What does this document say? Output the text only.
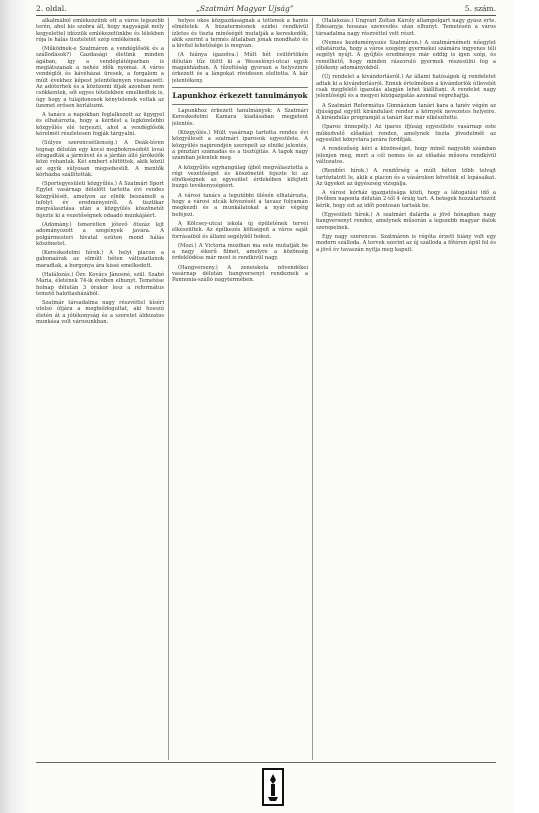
2. oldal.	„Szatmári Magyar Ujság”	5. szám.

alkalmából emlékezzünk ott a város legszebb terén, ahol kis szobra áll, hogy nagyságát mély kegyelettel idézzük emlékezetünkbe és lélekben rója le hálás tiszteletét szép emlékének.

(Működnek-e Szatmáron a vendéglősök és a szállodások?) Gazdasági életünk minden ágában, így a vendéglátóiparban is meglátszanak a nehéz idők nyomai. A város vendéglői és kávéházai üresek, a forgalom a múlt évekhez képest jelentékenyen visszaesett. Az adóterhek és a közüzemi díjak azonban nem csökkentek, sőt egyes tételekben emelkedtek is, úgy hogy a tulajdonosok kénytelenek voltak az üzemet erősen korlátozni.

A tanács a napokban foglalkozott az ügygyel és elhatározta, hogy a kérdést a legközelebbi közgyűlés elé terjeszti, ahol a vendéglősök kérelmét részletesen fogják tárgyalni.

(Súlyos szerencsétlenség.) A Deák-téren tegnap délután egy kocsi megbokrosodott lovai elragadták a járművet és a járdán álló járókelők közé rohantak. Két embert elütöttek, akik közül az egyik súlyosan megsebesült. A mentők kórházba szállították.

(Sportegyesületi közgyűlés.) A Szatmári Sport Egylet vasárnap délelőtt tartotta évi rendes közgyűlését, amelyen az elnök beszámolt a lefolyt év eredményeiről. A tisztikar megválasztása után a közgyűlés köszönetét fejezte ki a vezetőségnek odaadó munkájáért.

(Adomány.) Ismeretlen jótevő ötszáz lejt adományozott a szegények javára. A polgármesteri hivatal ezúton mond hálás köszönetet.

(Kereskedelmi hírek.) A helyi piacon a gabonaárak az elmúlt héten változatlanok maradtak, a burgonya ára kissé emelkedett.

(Halálozás.) Özv. Kovács Jánosné, szül. Szabó Mária, életének 74-ik évében elhunyt. Temetése holnap délután 3 órakor lesz a református temető halottasházából.

Szatmár társadalma nagy részvéttel kíséri utolsó útjára a megboldogultat, aki hosszú életén át a jótékonyság és a szeretet áldozatos munkása volt városunkban.

helyes okos közgazdaságnak a tétlenek a hamis elméletek. A búzatermésnek ezidei rendkívül ízletes és tiszta minőségét mutatják a kereskedők, akik szerint a termés általában jónak mondható és a kivitel lehetősége is megvan.

(A hiánya igazolva.) Múlt hét csütörtökén délután tűz ütött ki a Wesselényi-utcai egyik magánházban. A tűzoltóság gyorsan a helyszínre érkezett és a lángokat rövidesen eloltotta. A kár jelentékeny.

Lapunkhoz érkezett tanulmányok

Lapunkhoz érkezett tanulmányok: A Szatmári Kereskedelmi Kamara kiadásában megjelent jelentés.

(Közgyűlés.) Múlt vasárnap tartotta rendes évi közgyűlését a szatmári iparosok egyesülete. A közgyűlés napirendjén szerepelt az elnöki jelentés, a pénztári számadás és a tisztújítás. A tagok nagy számban jelentek meg.

A közgyűlés egyhangúlag újból megválasztotta a régi vezetőséget és köszönetét fejezte ki az elnökségnek az egyesület érdekében kifejtett buzgó tevékenységéért.

A városi tanács a legutóbbi ülésén elhatározta, hogy a városi utcák kövezését a tavasz folyamán megkezdi és a munkálatokat a nyár végéig befejezi.

A Kölcsey-utcai iskola új épületének tervei elkészültek. Az építkezés költségeit a város saját forrásaiból és állami segélyből fedezi.

(Mozi.) A Victoria moziban ma este mutatják be a nagy sikerű filmet, amelyre a közönség érdeklődése már most is rendkívül nagy.

(Hangverseny.) A zeneiskola növendékei vasárnap délután hangversenyt rendeznek a Pannonia-szálló nagytermében.

(Halálozás.) Ungvári Zoltán Károly állampolgárt nagy gyász érte. Édesanyja hosszas szenvedés után elhunyt. Temetésén a város társadalma nagy részvéttel vett részt.

(Nemes kezdeményezés Szatmáron.) A szatmárnémeti nőegylet elhatározta, hogy a város szegény gyermekei számára ingyenes téli segélyt nyújt. A gyűjtés eredménye már eddig is igen szép, és remélhető, hogy minden rászoruló gyermek részesülni fog a jótékony adományokból.

(Új rendelet a kivándorlásról.) Az állami hatóságok új rendeletet adtak ki a kivándorlásról. Ennek értelmében a kivándorlók útlevelét csak megfelelő igazolás alapján lehet kiállítani. A rendelet nagy jelentőségű és a megyei közigazgatás azonnal végrehajtja.

A Szatmári Református Gimnázium tanári kara a tanév végén az ifjúsággal együtt kirándulást rendez a környék nevezetes helyeire. A kirándulás programját a tanári kar már elkészítette.

(Iparos ünnepély.) Az iparos ifjúság egyesülete vasárnap este műkedvelő előadást rendez, amelynek tiszta jövedelmét az egyesület könyvtára javára fordítják.

A rendezőség kéri a közönséget, hogy minél nagyobb számban jelenjen meg, mert a cél nemes és az előadás műsora rendkívül változatos.

(Rendőri hírek.) A rendőrség a múlt héten több tolvajt tartóztatott le, akik a piacon és a vásárokon követték el lopásaikat. Az ügyeket az ügyészség vizsgálja.

A városi kórház igazgatósága közli, hogy a látogatási idő a jövőben naponta délután 2-től 4 óráig tart. A betegek hozzátartozóit kérik, hogy ezt az időt pontosan tartsák be.

(Egyesületi hírek.) A szatmári dalárda a jövő hónapban nagy hangversenyt rendez, amelynek műsorán a legszebb magyar dalok szerepelnek.

Egy nagy szerencse. Szatmáron is régóta érzett hiány volt egy modern szálloda. A tervek szerint az új szálloda a főtéren épül fel és a jövő év tavaszán nyitja meg kapuit.
